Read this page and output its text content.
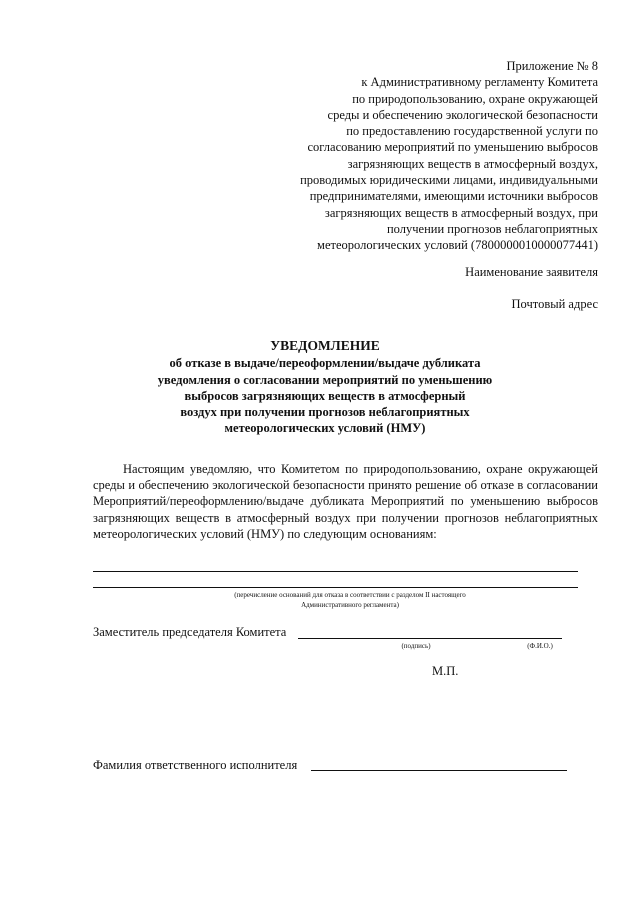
Приложение № 8
к Административному регламенту Комитета
по природопользованию, охране окружающей
среды и обеспечению экологической безопасности
по предоставлению государственной услуги по
согласованию мероприятий по уменьшению выбросов
загрязняющих веществ в атмосферный воздух,
проводимых юридическими лицами, индивидуальными
предпринимателями, имеющими источники выбросов
загрязняющих веществ в атмосферный воздух, при
получении прогнозов неблагоприятных
метеорологических условий (7800000010000077441)
Наименование заявителя
Почтовый адрес
УВЕДОМЛЕНИЕ
об отказе в выдаче/переоформлении/выдаче дубликата
уведомления о согласовании мероприятий по уменьшению
выбросов загрязняющих веществ в атмосферный
воздух при получении прогнозов неблагоприятных
метеорологических условий (НМУ)
Настоящим уведомляю, что Комитетом по природопользованию, охране окружающей среды и обеспечению экологической безопасности принято решение об отказе в согласовании Мероприятий/переоформлению/выдаче дубликата Мероприятий по уменьшению выбросов загрязняющих веществ в атмосферный воздух при получении прогнозов неблагоприятных метеорологических условий (НМУ) по следующим основаниям:
(перечисление оснований для отказа в соответствии с разделом II настоящего
Административного регламента)
Заместитель председателя Комитета
(подпись)	(Ф.И.О.)
М.П.
Фамилия ответственного исполнителя
